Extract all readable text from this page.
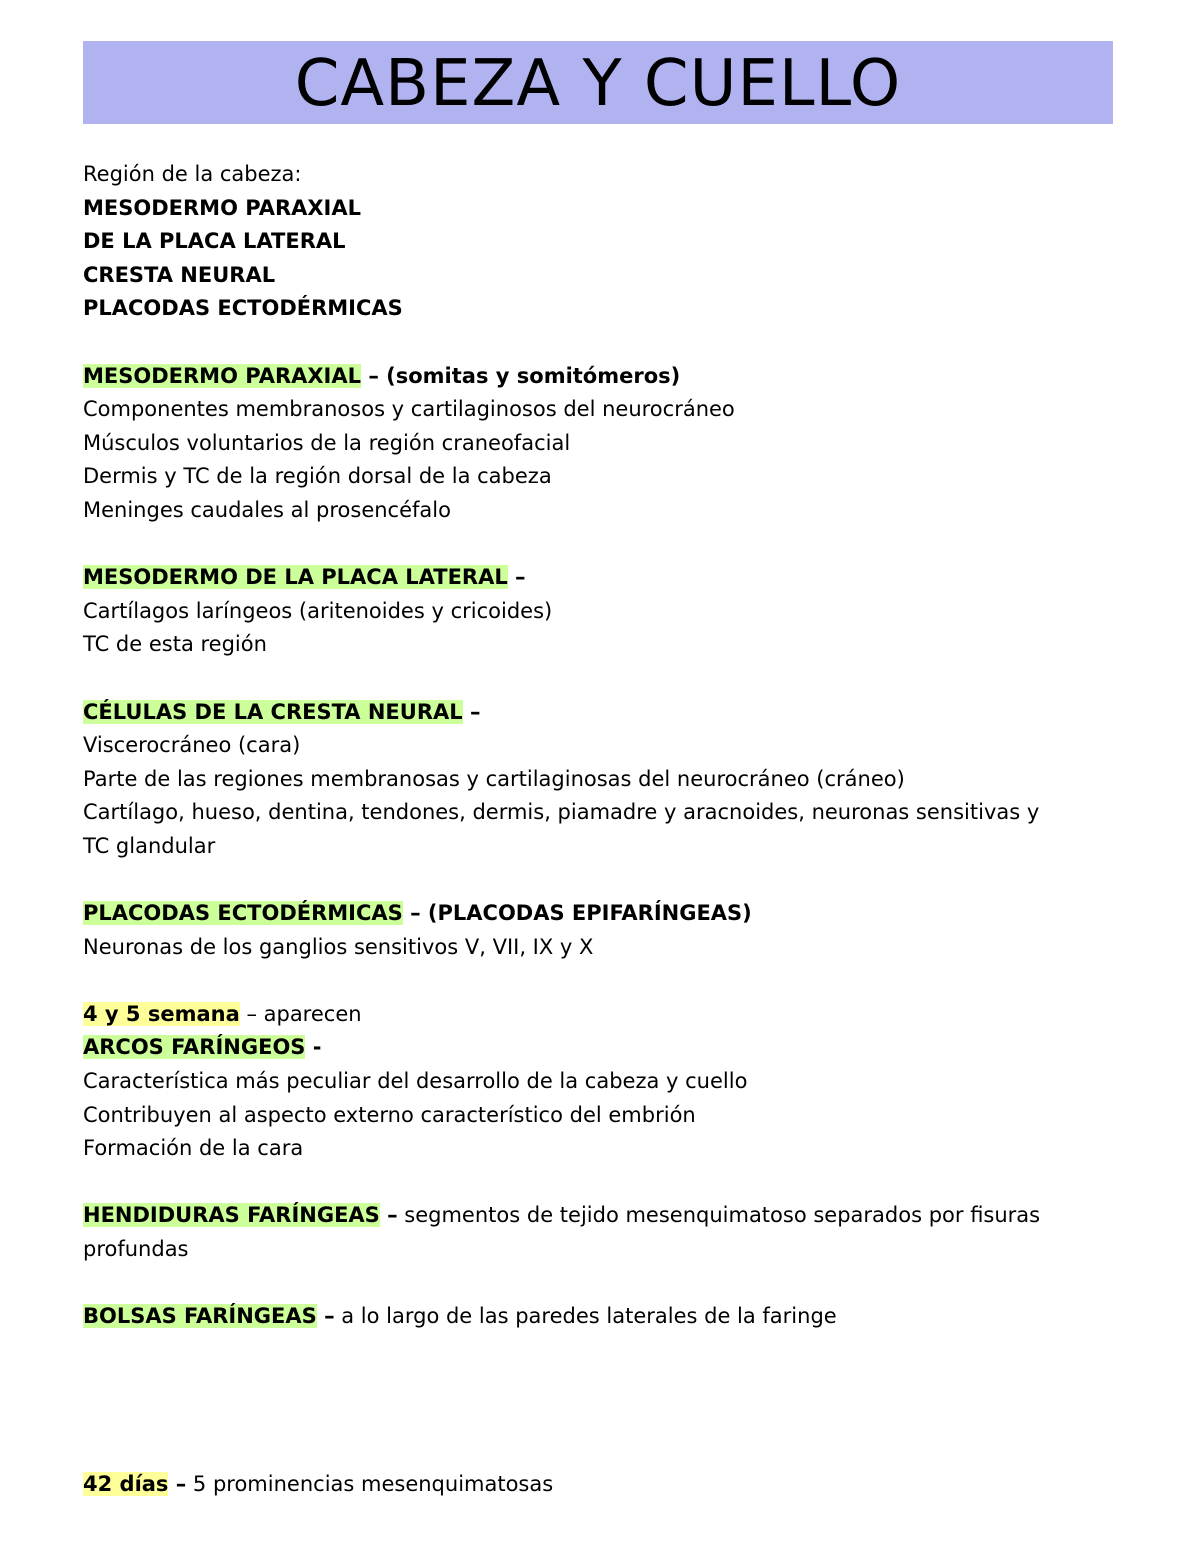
CABEZA Y CUELLO
Región de la cabeza:
MESODERMO PARAXIAL
DE LA PLACA LATERAL
CRESTA NEURAL
PLACODAS ECTODÉRMICAS
MESODERMO PARAXIAL – (somitas y somitómeros)
Componentes membranosos y cartilaginosos del neurocráneo
Músculos voluntarios de la región craneofacial
Dermis y TC de la región dorsal de la cabeza
Meninges caudales al prosencéfalo
MESODERMO DE LA PLACA LATERAL –
Cartílagos laríngeos (aritenoides y cricoides)
TC de esta región
CÉLULAS DE LA CRESTA NEURAL –
Viscerocráneo (cara)
Parte de las regiones membranosas y cartilaginosas del neurocráneo (cráneo)
Cartílago, hueso, dentina, tendones, dermis, piamadre y aracnoides, neuronas sensitivas y
TC glandular
PLACODAS ECTODÉRMICAS – (PLACODAS EPIFARÍNGEAS)
Neuronas de los ganglios sensitivos V, VII, IX y X
4 y 5 semana – aparecen
ARCOS FARÍNGEOS -
Característica más peculiar del desarrollo de la cabeza y cuello
Contribuyen al aspecto externo característico del embrión
Formación de la cara
HENDIDURAS FARÍNGEAS – segmentos de tejido mesenquimatoso separados por fisuras profundas
BOLSAS FARÍNGEAS – a lo largo de las paredes laterales de la faringe
42 días – 5 prominencias mesenquimatosas
